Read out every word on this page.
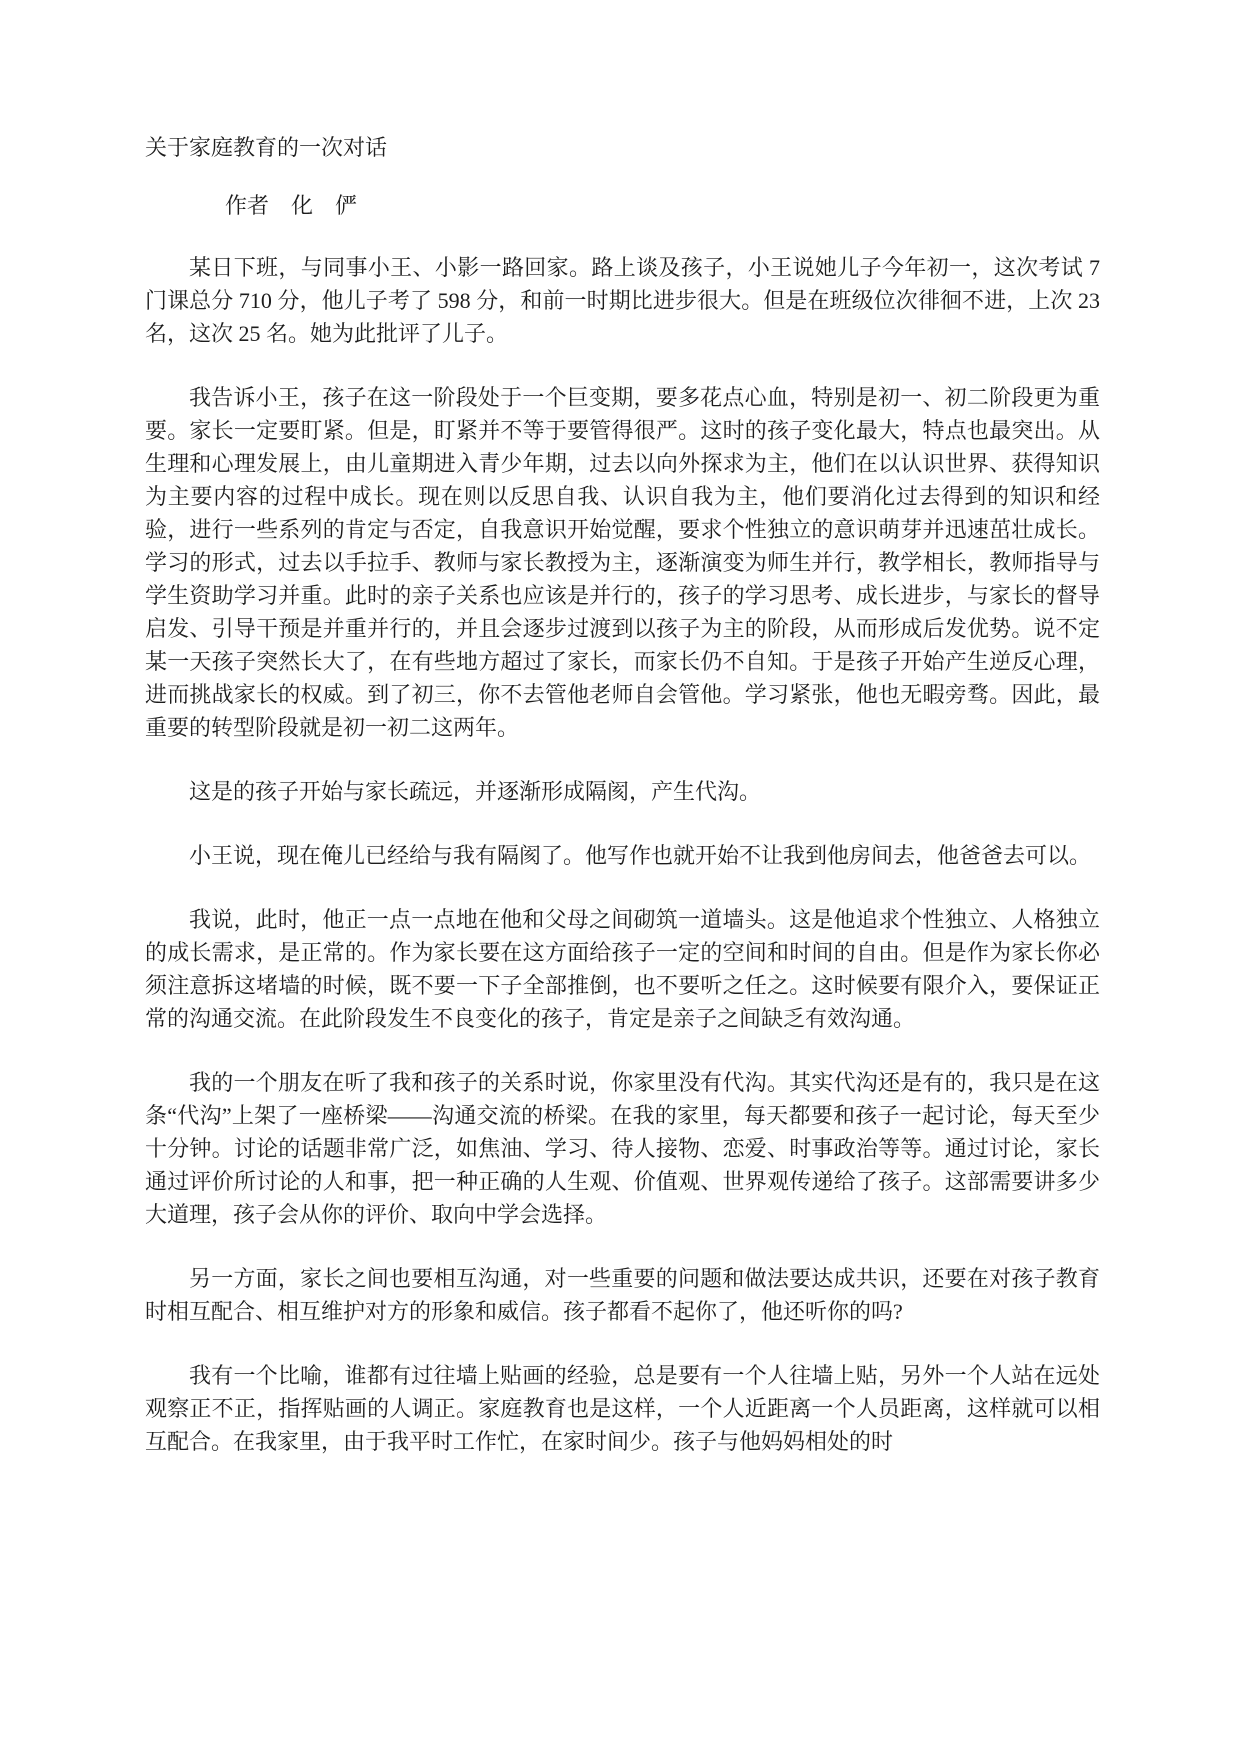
关于家庭教育的一次对话

作者　化　俨

某日下班，与同事小王、小影一路回家。路上谈及孩子，小王说她儿子今年初一，这次考试 7 门课总分 710 分，他儿子考了 598 分，和前一时期比进步很大。但是在班级位次徘徊不进，上次 23 名，这次 25 名。她为此批评了儿子。

我告诉小王，孩子在这一阶段处于一个巨变期，要多花点心血，特别是初一、初二阶段更为重要。家长一定要盯紧。但是，盯紧并不等于要管得很严。这时的孩子变化最大，特点也最突出。从生理和心理发展上，由儿童期进入青少年期，过去以向外探求为主，他们在以认识世界、获得知识为主要内容的过程中成长。现在则以反思自我、认识自我为主，他们要消化过去得到的知识和经验，进行一些系列的肯定与否定，自我意识开始觉醒，要求个性独立的意识萌芽并迅速茁壮成长。学习的形式，过去以手拉手、教师与家长教授为主，逐渐演变为师生并行，教学相长，教师指导与学生资助学习并重。此时的亲子关系也应该是并行的，孩子的学习思考、成长进步，与家长的督导启发、引导干预是并重并行的，并且会逐步过渡到以孩子为主的阶段，从而形成后发优势。说不定某一天孩子突然长大了，在有些地方超过了家长，而家长仍不自知。于是孩子开始产生逆反心理，进而挑战家长的权威。到了初三，你不去管他老师自会管他。学习紧张，他也无暇旁骛。因此，最重要的转型阶段就是初一初二这两年。

这是的孩子开始与家长疏远，并逐渐形成隔阂，产生代沟。

小王说，现在俺儿已经给与我有隔阂了。他写作也就开始不让我到他房间去，他爸爸去可以。

我说，此时，他正一点一点地在他和父母之间砌筑一道墙头。这是他追求个性独立、人格独立的成长需求，是正常的。作为家长要在这方面给孩子一定的空间和时间的自由。但是作为家长你必须注意拆这堵墙的时候，既不要一下子全部推倒，也不要听之任之。这时候要有限介入，要保证正常的沟通交流。在此阶段发生不良变化的孩子，肯定是亲子之间缺乏有效沟通。

我的一个朋友在听了我和孩子的关系时说，你家里没有代沟。其实代沟还是有的，我只是在这条“代沟”上架了一座桥梁——沟通交流的桥梁。在我的家里，每天都要和孩子一起讨论，每天至少十分钟。讨论的话题非常广泛，如焦油、学习、待人接物、恋爱、时事政治等等。通过讨论，家长通过评价所讨论的人和事，把一种正确的人生观、价值观、世界观传递给了孩子。这部需要讲多少大道理，孩子会从你的评价、取向中学会选择。

另一方面，家长之间也要相互沟通，对一些重要的问题和做法要达成共识，还要在对孩子教育时相互配合、相互维护对方的形象和威信。孩子都看不起你了，他还听你的吗?

我有一个比喻，谁都有过往墙上贴画的经验，总是要有一个人往墙上贴，另外一个人站在远处观察正不正，指挥贴画的人调正。家庭教育也是这样，一个人近距离一个人员距离，这样就可以相互配合。在我家里，由于我平时工作忙，在家时间少。孩子与他妈妈相处的时
